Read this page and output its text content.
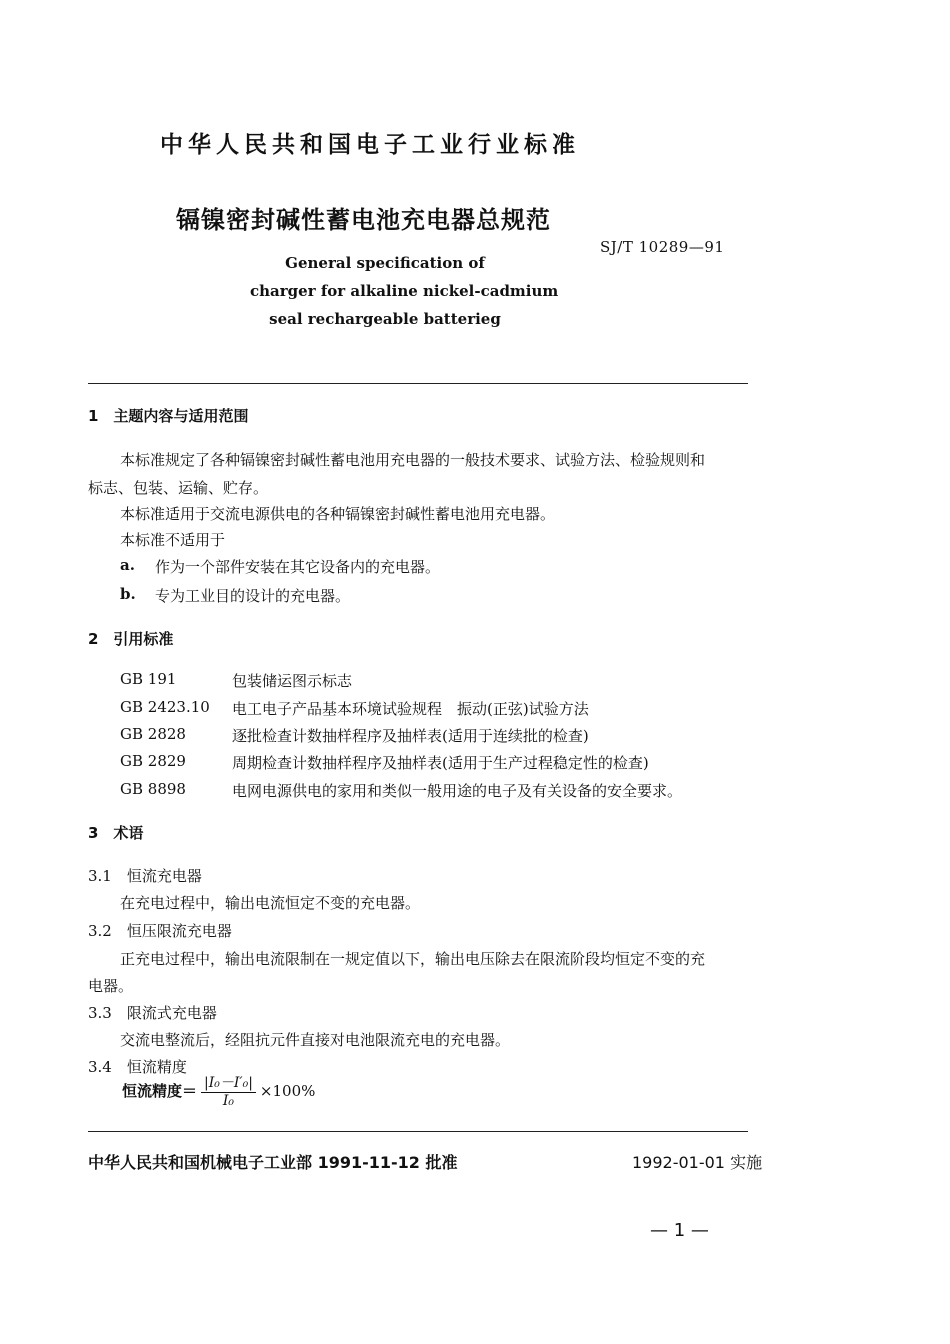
中华人民共和国电子工业行业标准
镉镍密封碱性蓄电池充电器总规范
SJ/T 10289—91
General specification of
charger for alkaline nickel-cadmium
seal rechargeable batterieg
1　主题内容与适用范围
本标准规定了各种镉镍密封碱性蓄电池用充电器的一般技术要求、试验方法、检验规则和
标志、包装、运输、贮存。
本标准适用于交流电源供电的各种镉镍密封碱性蓄电池用充电器。
本标准不适用于
a. 作为一个部件安装在其它设备内的充电器。
b. 专为工业目的设计的充电器。
2　引用标准
GB 191	包装储运图示标志
GB 2423.10 电工电子产品基本环境试验规程　振动(正弦)试验方法
GB 2828	逐批检查计数抽样程序及抽样表(适用于连续批的检查)
GB 2829	周期检查计数抽样程序及抽样表(适用于生产过程稳定性的检查)
GB 8898	电网电源供电的家用和类似一般用途的电子及有关设备的安全要求。
3　术语
3.1　恒流充电器
在充电过程中，输出电流恒定不变的充电器。
3.2　恒压限流充电器
正充电过程中，输出电流限制在一规定值以下，输出电压除去在限流阶段均恒定不变的充
电器。
3.3　限流式充电器
交流电整流后，经阻抗元件直接对电池限流充电的充电器。
3.4　恒流精度
恒流精度＝ $\frac{\text{|I₀－I′₀|}}{\text{I₀}} \times 100\%$
中华人民共和国机械电子工业部 1991-11-12 批准	1992-01-01 实施
— 1 —
